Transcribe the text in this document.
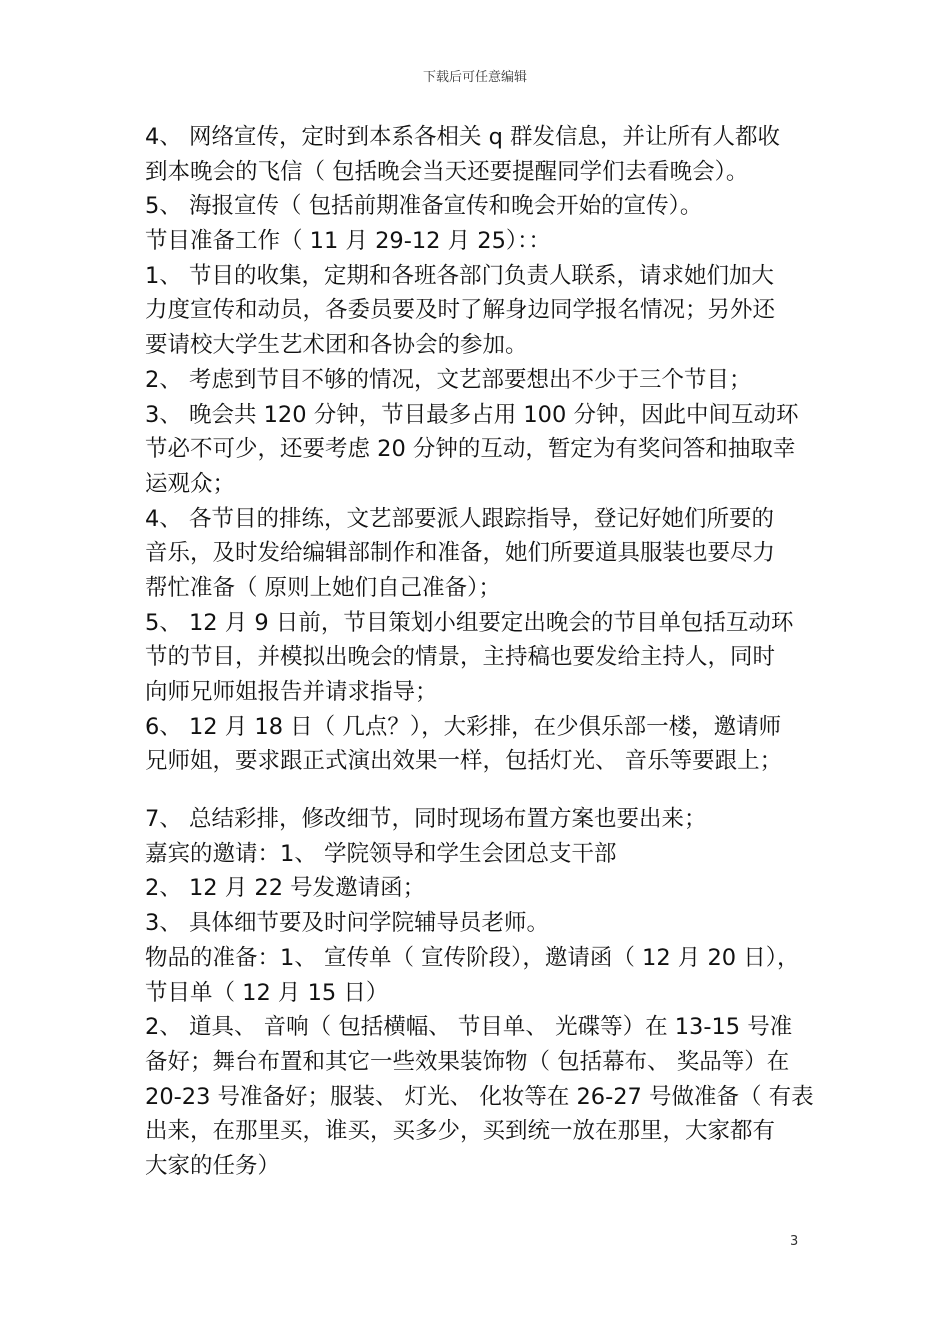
下载后可任意编辑
4、 网络宣传，定时到本系各相关 q 群发信息，并让所有人都收
到本晚会的飞信（ 包括晚会当天还要提醒同学们去看晚会）。
5、 海报宣传（ 包括前期准备宣传和晚会开始的宣传）。
节目准备工作（ 11 月 29-12 月 25）：：
1、 节目的收集，定期和各班各部门负责人联系，请求她们加大
力度宣传和动员，各委员要及时了解身边同学报名情况；另外还
要请校大学生艺术团和各协会的参加。
2、 考虑到节目不够的情况，文艺部要想出不少于三个节目；
3、 晚会共 120 分钟，节目最多占用 100 分钟，因此中间互动环
节必不可少，还要考虑 20 分钟的互动，暂定为有奖问答和抽取幸
运观众；
4、 各节目的排练，文艺部要派人跟踪指导，登记好她们所要的
音乐，及时发给编辑部制作和准备，她们所要道具服装也要尽力
帮忙准备（ 原则上她们自己准备）；
5、 12 月 9 日前，节目策划小组要定出晚会的节目单包括互动环
节的节目，并模拟出晚会的情景，主持稿也要发给主持人，同时
向师兄师姐报告并请求指导；
6、 12 月 18 日（ 几点？），大彩排，在少俱乐部一楼，邀请师
兄师姐，要求跟正式演出效果一样，包括灯光、 音乐等要跟上；
7、 总结彩排，修改细节，同时现场布置方案也要出来；
嘉宾的邀请：1、 学院领导和学生会团总支干部
2、 12 月 22 号发邀请函；
3、 具体细节要及时问学院辅导员老师。
物品的准备：1、 宣传单（ 宣传阶段），邀请函（ 12 月 20 日），
节目单（ 12 月 15 日）
2、 道具、 音响（ 包括横幅、 节目单、 光碟等）在 13-15 号准
备好；舞台布置和其它一些效果装饰物（ 包括幕布、 奖品等）在
20-23 号准备好；服装、 灯光、 化妆等在 26-27 号做准备（ 有表
出来，在那里买，谁买，买多少，买到统一放在那里，大家都有
大家的任务）
3
